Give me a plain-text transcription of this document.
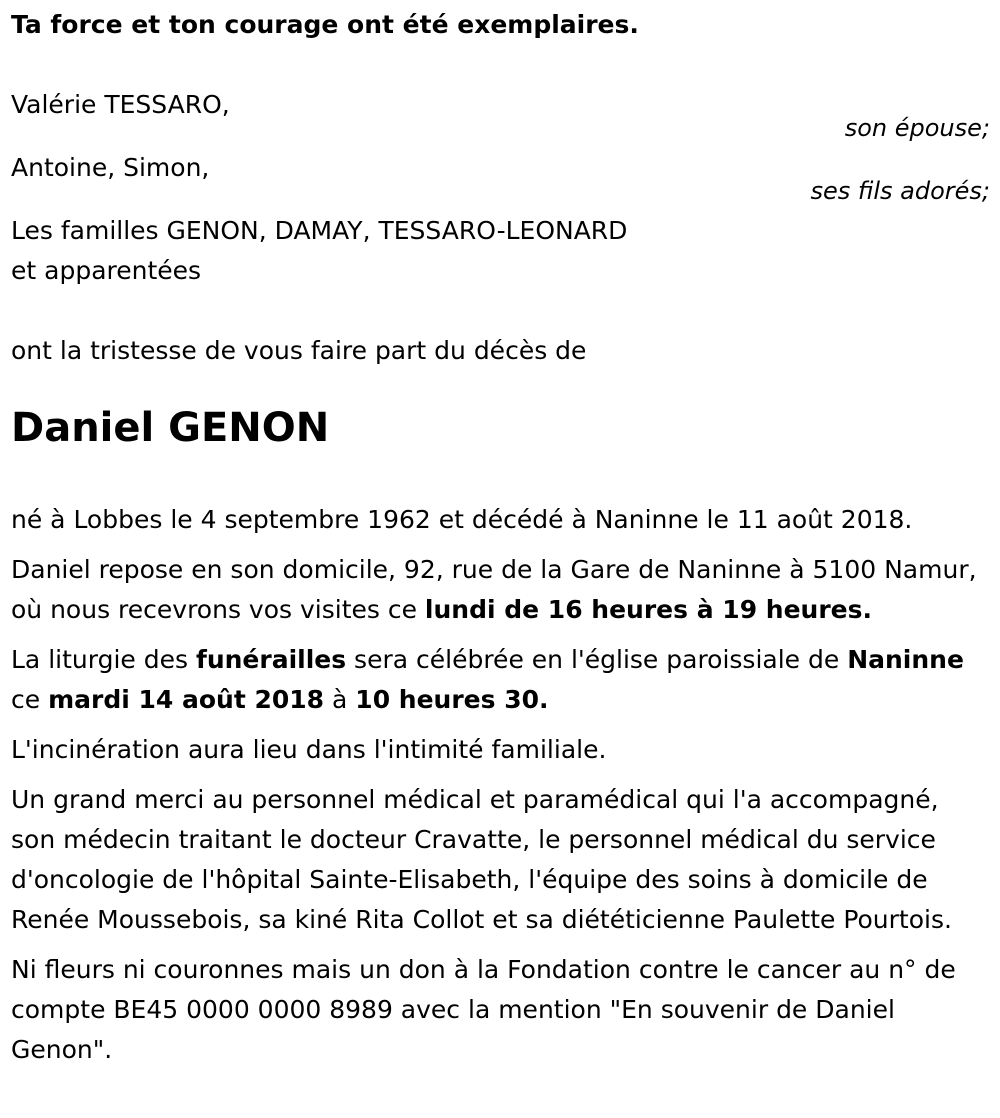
Ta force et ton courage ont été exemplaires.
Valérie TESSARO,
son épouse;
Antoine, Simon,
ses fils adorés;
Les familles GENON, DAMAY, TESSARO-LEONARD
et apparentées
ont la tristesse de vous faire part du décès de
Daniel GENON

né à Lobbes le 4 septembre 1962 et décédé à Naninne le 11 août 2018.

Daniel repose en son domicile, 92, rue de la Gare de Naninne à 5100 Namur, où nous recevrons vos visites ce lundi de 16 heures à 19 heures.

La liturgie des funérailles sera célébrée en l'église paroissiale de Naninne ce mardi 14 août 2018 à 10 heures 30.

L'incinération aura lieu dans l'intimité familiale.

Un grand merci au personnel médical et paramédical qui l'a accompagné, son médecin traitant le docteur Cravatte, le personnel médical du service d'oncologie de l'hôpital Sainte-Elisabeth, l'équipe des soins à domicile de Renée Moussebois, sa kiné Rita Collot et sa diététicienne Paulette Pourtois.

Ni fleurs ni couronnes mais un don à la Fondation contre le cancer au n° de compte BE45 0000 0000 8989 avec la mention "En souvenir de Daniel Genon".
